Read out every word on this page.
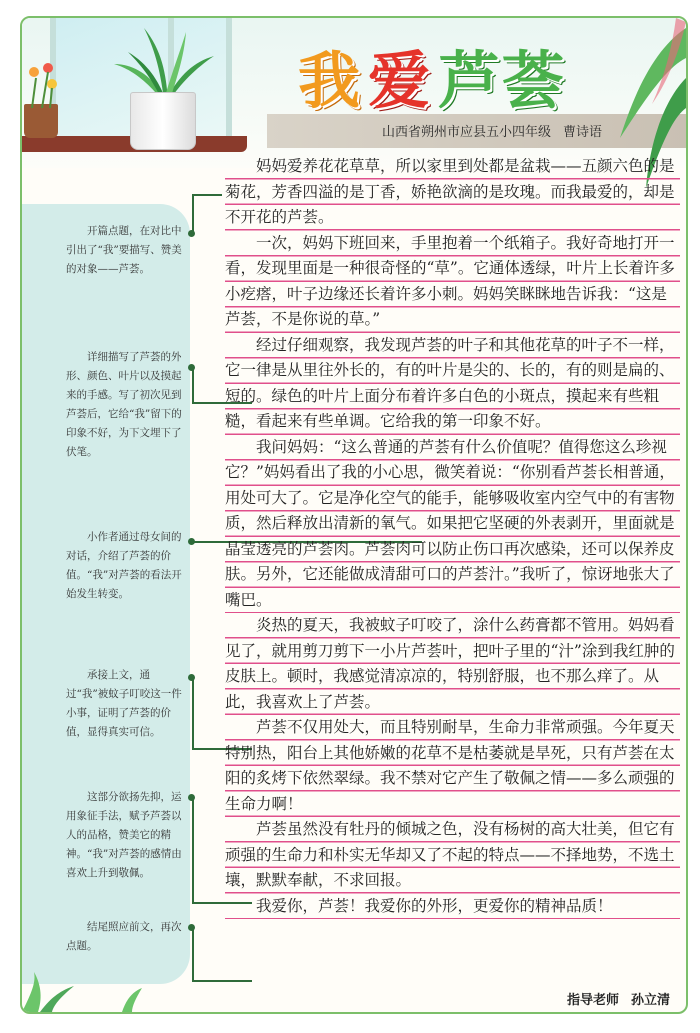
我 爱 芦荟
山西省朔州市应县五小四年级 曹诗语
开篇点题，在对比中引出了“我”要描写、赞美的对象——芦荟。
详细描写了芦荟的外形、颜色、叶片以及摸起来的手感。写了初次见到芦荟后，它给“我”留下的印象不好，为下文埋下了伏笔。
小作者通过母女间的对话，介绍了芦荟的价值。“我”对芦荟的看法开始发生转变。
承接上文，通过“我”被蚊子叮咬这一件小事，证明了芦荟的价值，显得真实可信。
这部分欲扬先抑，运用象征手法，赋予芦荟以人的品格，赞美它的精神。“我”对芦荟的感情由喜欢上升到敬佩。
结尾照应前文，再次点题。

妈妈爱养花花草草，所以家里到处都是盆栽——五颜六色的是菊花，芳香四溢的是丁香，娇艳欲滴的是玫瑰。而我最爱的，却是不开花的芦荟。

一次，妈妈下班回来，手里抱着一个纸箱子。我好奇地打开一看，发现里面是一种很奇怪的“草”。它通体透绿，叶片上长着许多小疙瘩，叶子边缘还长着许多小刺。妈妈笑眯眯地告诉我：“这是芦荟，不是你说的草。”

经过仔细观察，我发现芦荟的叶子和其他花草的叶子不一样，它一律是从里往外长的，有的叶片是尖的、长的，有的则是扁的、短的。绿色的叶片上面分布着许多白色的小斑点，摸起来有些粗糙，看起来有些单调。它给我的第一印象不好。

我问妈妈：“这么普通的芦荟有什么价值呢？值得您这么珍视它？”妈妈看出了我的小心思，微笑着说：“你别看芦荟长相普通，用处可大了。它是净化空气的能手，能够吸收室内空气中的有害物质，然后释放出清新的氧气。如果把它坚硬的外表剥开，里面就是晶莹透亮的芦荟肉。芦荟肉可以防止伤口再次感染，还可以保养皮肤。另外，它还能做成清甜可口的芦荟汁。”我听了，惊讶地张大了嘴巴。

炎热的夏天，我被蚊子叮咬了，涂什么药膏都不管用。妈妈看见了，就用剪刀剪下一小片芦荟叶，把叶子里的“汁”涂到我红肿的皮肤上。顿时，我感觉清凉凉的，特别舒服，也不那么痒了。从此，我喜欢上了芦荟。

芦荟不仅用处大，而且特别耐旱，生命力非常顽强。今年夏天特别热，阳台上其他娇嫩的花草不是枯萎就是旱死，只有芦荟在太阳的炙烤下依然翠绿。我不禁对它产生了敬佩之情——多么顽强的生命力啊！

芦荟虽然没有牡丹的倾城之色，没有杨树的高大壮美，但它有顽强的生命力和朴实无华却又了不起的特点——不择地势，不选土壤，默默奉献，不求回报。

我爱你，芦荟！我爱你的外形，更爱你的精神品质！

指导老师 孙立清
